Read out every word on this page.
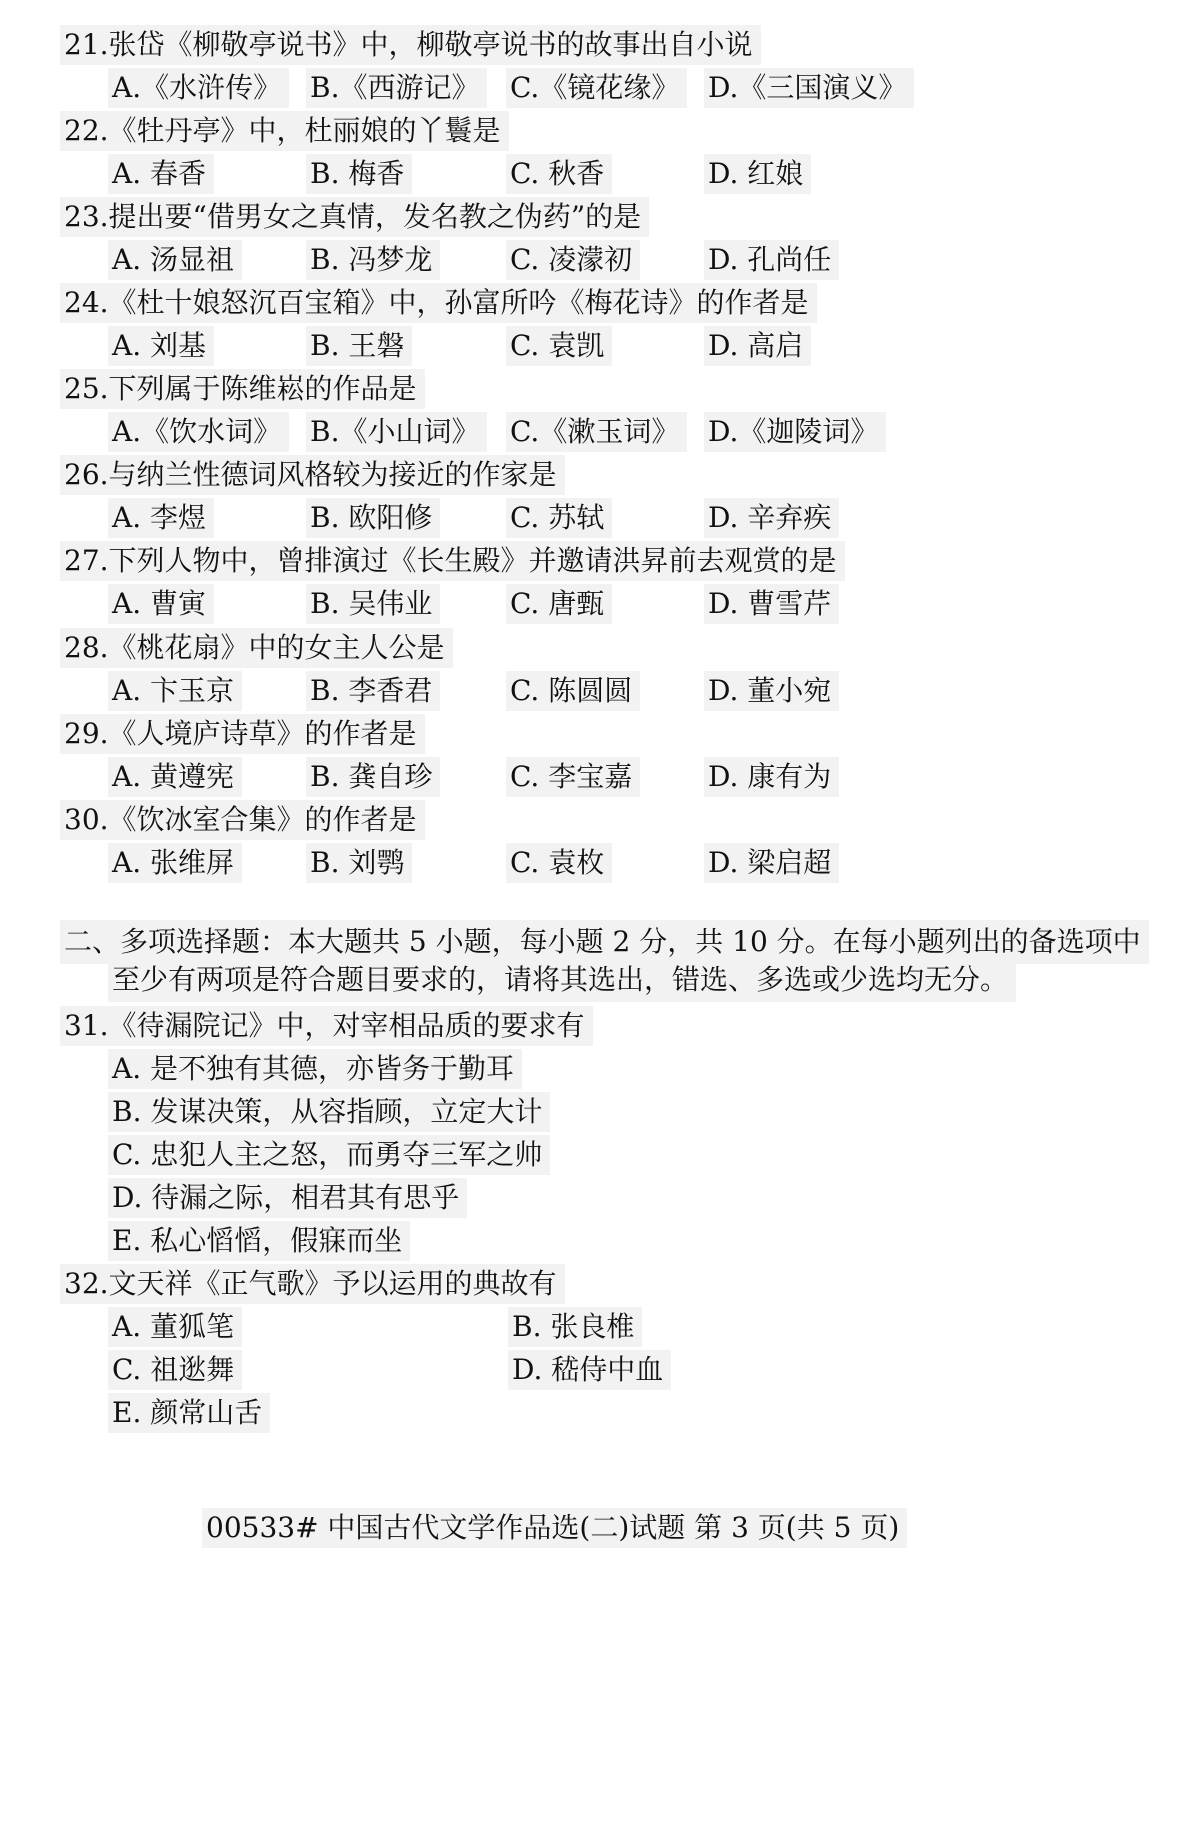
21.张岱《柳敬亭说书》中，柳敬亭说书的故事出自小说
A.《水浒传》 B.《西游记》 C.《镜花缘》 D.《三国演义》
22.《牡丹亭》中，杜丽娘的丫鬟是
A. 春香	B. 梅香	C. 秋香	D. 红娘
23.提出要“借男女之真情，发名教之伪药”的是
A. 汤显祖	B. 冯梦龙	C. 凌濛初	D. 孔尚任
24.《杜十娘怒沉百宝箱》中，孙富所吟《梅花诗》的作者是
A. 刘基	B. 王磐	C. 袁凯	D. 高启
25.下列属于陈维崧的作品是
A.《饮水词》 B.《小山词》 C.《漱玉词》 D.《迦陵词》
26.与纳兰性德词风格较为接近的作家是
A. 李煜	B. 欧阳修	C. 苏轼	D. 辛弃疾
27.下列人物中，曾排演过《长生殿》并邀请洪昇前去观赏的是
A. 曹寅	B. 吴伟业	C. 唐甄	D. 曹雪芹
28.《桃花扇》中的女主人公是
A. 卞玉京	B. 李香君	C. 陈圆圆	D. 董小宛
29.《人境庐诗草》的作者是
A. 黄遵宪	B. 龚自珍	C. 李宝嘉	D. 康有为
30.《饮冰室合集》的作者是
A. 张维屏	B. 刘鹗	C. 袁枚	D. 梁启超
二、多项选择题：本大题共 5 小题，每小题 2 分，共 10 分。在每小题列出的备选项中
至少有两项是符合题目要求的，请将其选出，错选、多选或少选均无分。
31.《待漏院记》中，对宰相品质的要求有
A. 是不独有其德，亦皆务于勤耳
B. 发谋决策，从容指顾，立定大计
C. 忠犯人主之怒，而勇夺三军之帅
D. 待漏之际，相君其有思乎
E. 私心慆慆，假寐而坐
32.文天祥《正气歌》予以运用的典故有
A. 董狐笔	B. 张良椎
C. 祖逖舞	D. 嵇侍中血
E. 颜常山舌
00533# 中国古代文学作品选(二)试题 第 3 页(共 5 页)
